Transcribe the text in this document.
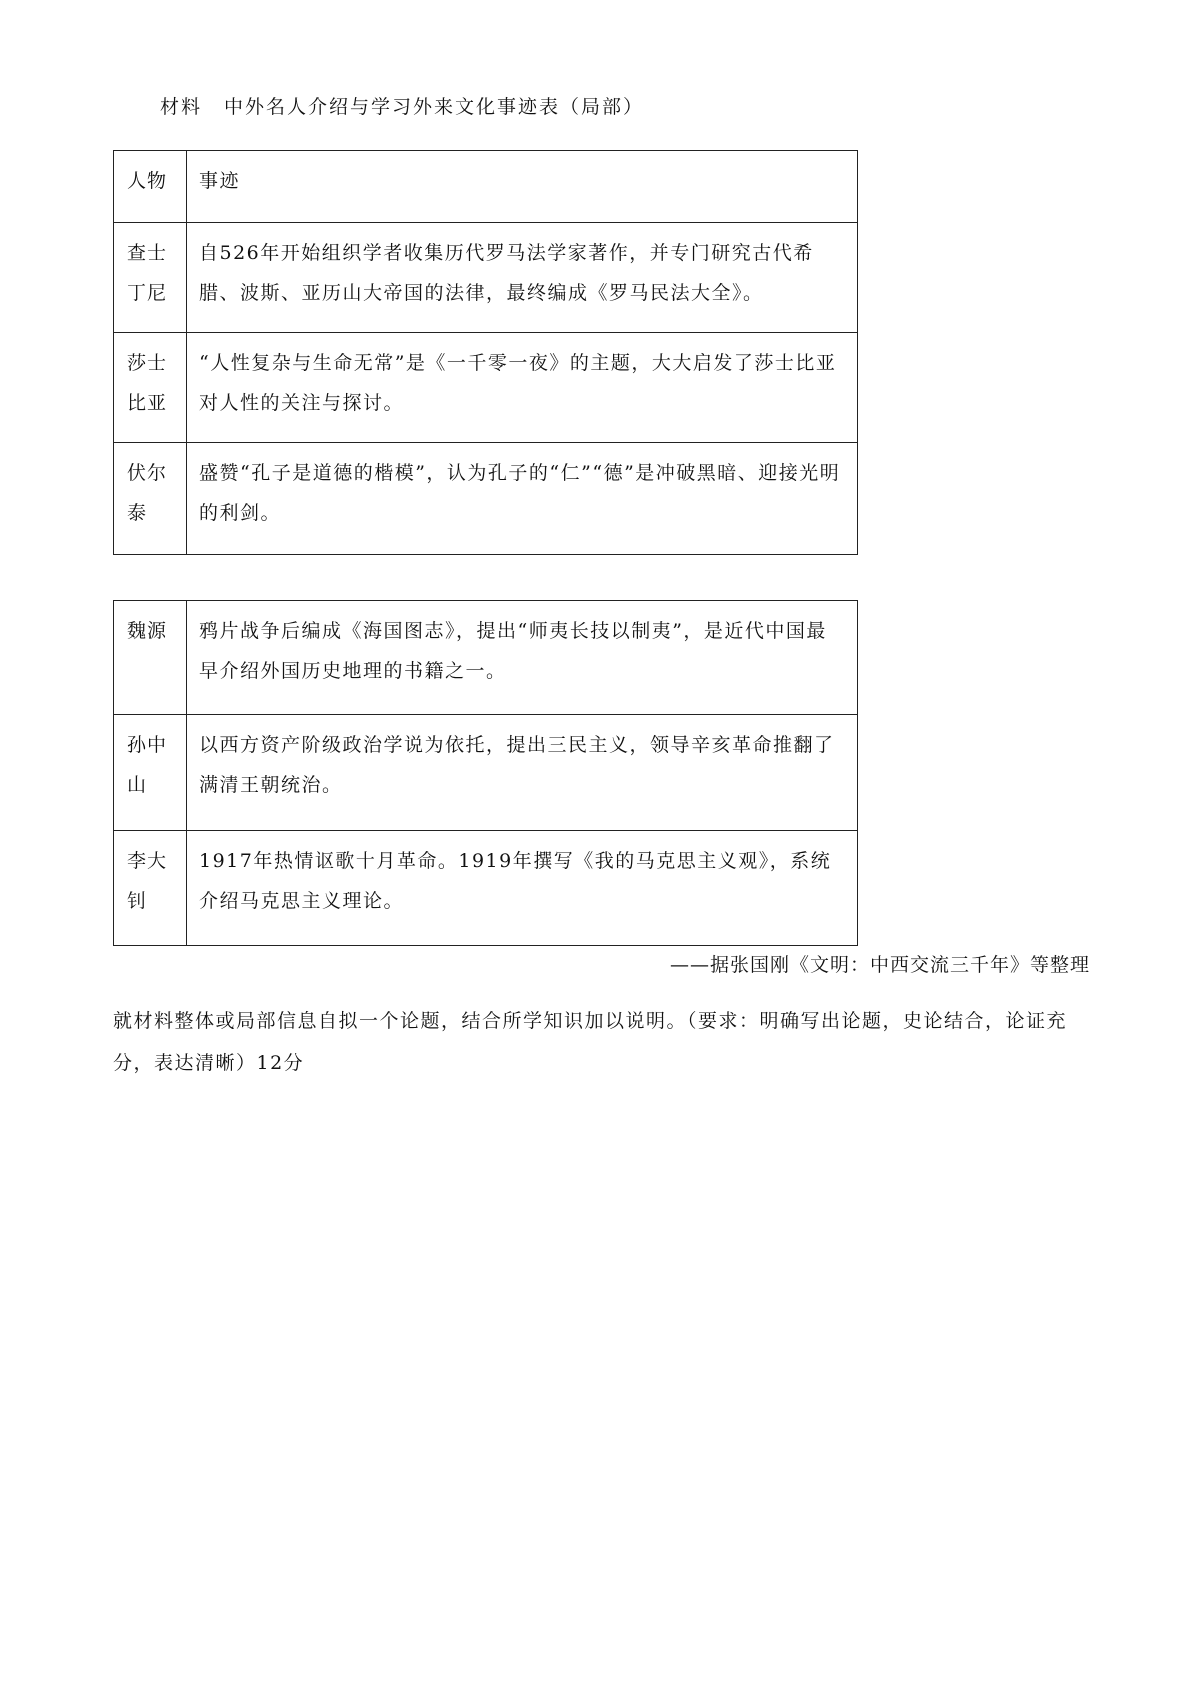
材料 中外名人介绍与学习外来文化事迹表（局部）
人物	事迹
查士丁尼	自526年开始组织学者收集历代罗马法学家著作，并专门研究古代希腊、波斯、亚历山大帝国的法律，最终编成《罗马民法大全》。
莎士比亚	“人性复杂与生命无常”是《一千零一夜》的主题，大大启发了莎士比亚对人性的关注与探讨。
伏尔泰	盛赞“孔子是道德的楷模”，认为孔子的“仁”“德”是冲破黑暗、迎接光明的利剑。
魏源	鸦片战争后编成《海国图志》，提出“师夷长技以制夷”，是近代中国最早介绍外国历史地理的书籍之一。
孙中山	以西方资产阶级政治学说为依托，提出三民主义，领导辛亥革命推翻了满清王朝统治。
李大钊	1917年热情讴歌十月革命。1919年撰写《我的马克思主义观》，系统介绍马克思主义理论。
——据张国刚《文明：中西交流三千年》等整理
就材料整体或局部信息自拟一个论题，结合所学知识加以说明。（要求：明确写出论题，史论结合，论证充分，表达清晰）12分
